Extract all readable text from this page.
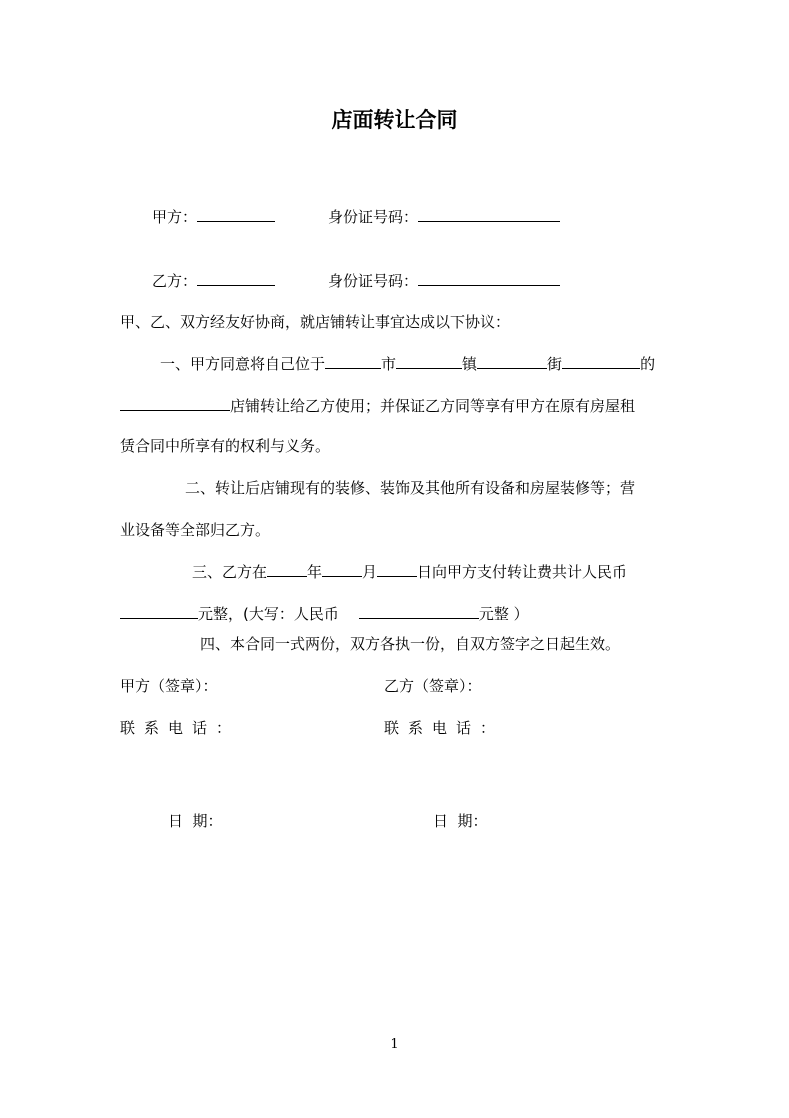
店面转让合同
甲方：	身份证号码：
乙方：	身份证号码：
甲、乙、双方经友好协商，就店铺转让事宜达成以下协议：
一、甲方同意将自己位于	市	镇	街	的
店铺转让给乙方使用；并保证乙方同等享有甲方在原有房屋租
赁合同中所享有的权利与义务。
二、转让后店铺现有的装修、装饰及其他所有设备和房屋装修等；营
业设备等全部归乙方。
三、乙方在	年	月	日向甲方支付转让费共计人民币
元整，(大写：人民币	元整 ）
四、本合同一式两份，双方各执一份，自双方签字之日起生效。
甲方（签章）：	乙方（签章）：
联系电话：	联系电话：
日  期：	日  期：
1
